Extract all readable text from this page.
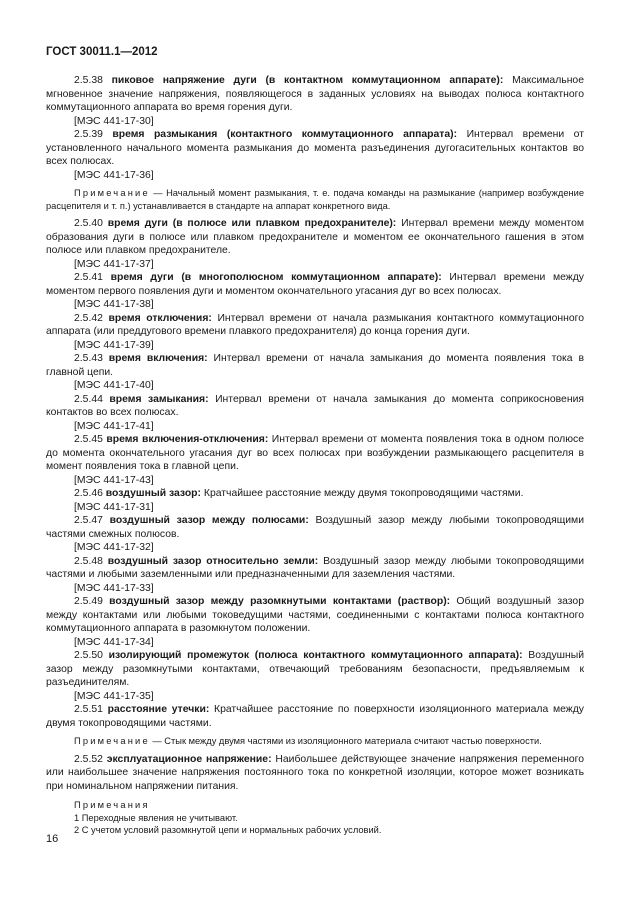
ГОСТ 30011.1—2012

2.5.38 пиковое напряжение дуги (в контактном коммутационном аппарате): Максимальное мгновенное значение напряжения, появляющегося в заданных условиях на выводах полюса контактного коммутационного аппарата во время горения дуги.

[МЭС 441-17-30]

2.5.39 время размыкания (контактного коммутационного аппарата): Интервал времени от установленного начального момента размыкания до момента разъединения дугогасительных контактов во всех полюсах.

[МЭС 441-17-36]

Примечание — Начальный момент размыкания, т. е. подача команды на размыкание (например возбуждение расцепителя и т. п.) устанавливается в стандарте на аппарат конкретного вида.

2.5.40 время дуги (в полюсе или плавком предохранителе): Интервал времени между моментом образования дуги в полюсе или плавком предохранителе и моментом ее окончательного гашения в этом полюсе или плавком предохранителе.

[МЭС 441-17-37]

2.5.41 время дуги (в многополюсном коммутационном аппарате): Интервал времени между моментом первого появления дуги и моментом окончательного угасания дуг во всех полюсах.

[МЭС 441-17-38]

2.5.42 время отключения: Интервал времени от начала размыкания контактного коммутационного аппарата (или преддугового времени плавкого предохранителя) до конца горения дуги.

[МЭС 441-17-39]

2.5.43 время включения: Интервал времени от начала замыкания до момента появления тока в главной цепи.

[МЭС 441-17-40]

2.5.44 время замыкания: Интервал времени от начала замыкания до момента соприкосновения контактов во всех полюсах.

[МЭС 441-17-41]

2.5.45 время включения-отключения: Интервал времени от момента появления тока в одном полюсе до момента окончательного угасания дуг во всех полюсах при возбуждении размыкающего расцепителя в момент появления тока в главной цепи.

[МЭС 441-17-43]

2.5.46 воздушный зазор: Кратчайшее расстояние между двумя токопроводящими частями.

[МЭС 441-17-31]

2.5.47 воздушный зазор между полюсами: Воздушный зазор между любыми токопроводящими частями смежных полюсов.

[МЭС 441-17-32]

2.5.48 воздушный зазор относительно земли: Воздушный зазор между любыми токопроводящими частями и любыми заземленными или предназначенными для заземления частями.

[МЭС 441-17-33]

2.5.49 воздушный зазор между разомкнутыми контактами (раствор): Общий воздушный зазор между контактами или любыми токоведущими частями, соединенными с контактами полюса контактного коммутационного аппарата в разомкнутом положении.

[МЭС 441-17-34]

2.5.50 изолирующий промежуток (полюса контактного коммутационного аппарата): Воздушный зазор между разомкнутыми контактами, отвечающий требованиям безопасности, предъявляемым к разъединителям.

[МЭС 441-17-35]

2.5.51 расстояние утечки: Кратчайшее расстояние по поверхности изоляционного материала между двумя токопроводящими частями.

Примечание — Стык между двумя частями из изоляционного материала считают частью поверхности.

2.5.52 эксплуатационное напряжение: Наибольшее действующее значение напряжения переменного или наибольшее значение напряжения постоянного тока по конкретной изоляции, которое может возникать при номинальном напряжении питания.

Примечания

1 Переходные явления не учитывают.

2 С учетом условий разомкнутой цепи и нормальных рабочих условий.

16
